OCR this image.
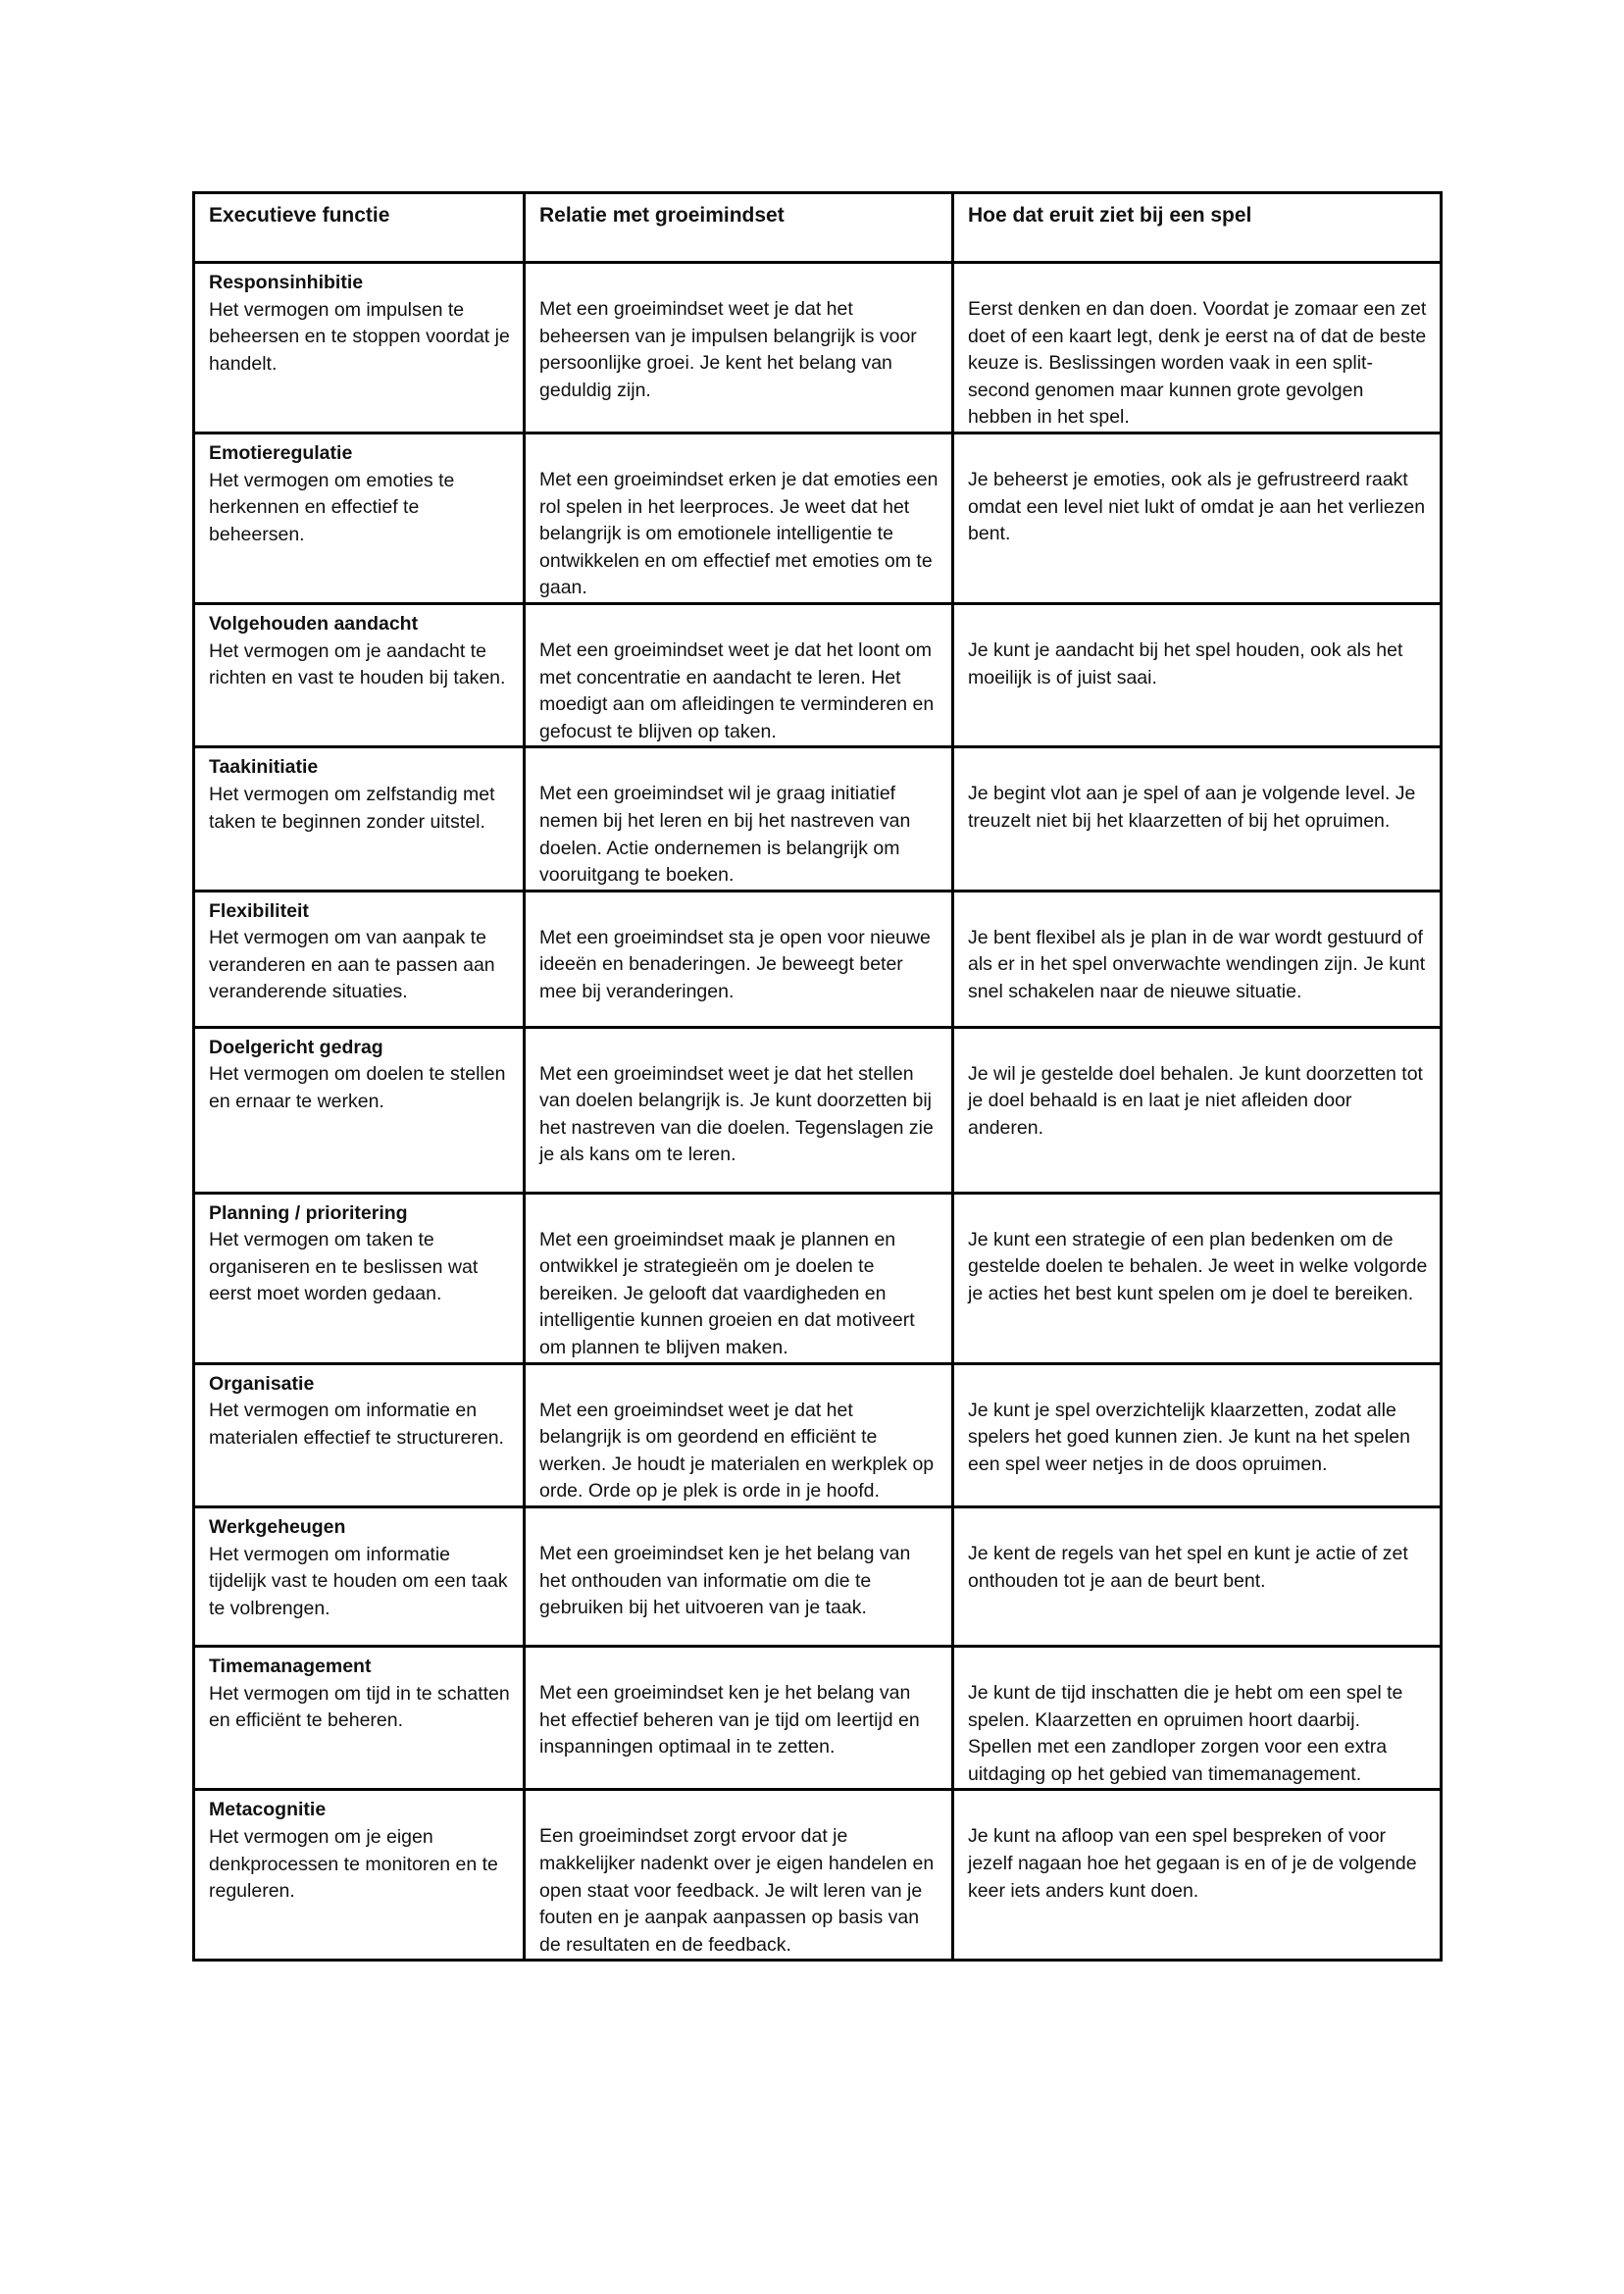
Executieve functie	Relatie met groeimindset	Hoe dat eruit ziet bij een spel

Responsinhibitie
Het vermogen om impulsen te beheersen en te stoppen voordat je handelt.	Met een groeimindset weet je dat het beheersen van je impulsen belangrijk is voor persoonlijke groei. Je kent het belang van geduldig zijn.	Eerst denken en dan doen. Voordat je zomaar een zet doet of een kaart legt, denk je eerst na of dat de beste keuze is. Beslissingen worden vaak in een split-second genomen maar kunnen grote gevolgen hebben in het spel.

Emotieregulatie
Het vermogen om emoties te herkennen en effectief te beheersen.	Met een groeimindset erken je dat emoties een rol spelen in het leerproces. Je weet dat het belangrijk is om emotionele intelligentie te ontwikkelen en om effectief met emoties om te gaan.	Je beheerst je emoties, ook als je gefrustreerd raakt omdat een level niet lukt of omdat je aan het verliezen bent.

Volgehouden aandacht
Het vermogen om je aandacht te richten en vast te houden bij taken.	Met een groeimindset weet je dat het loont om met concentratie en aandacht te leren. Het moedigt aan om afleidingen te verminderen en gefocust te blijven op taken.	Je kunt je aandacht bij het spel houden, ook als het moeilijk is of juist saai.

Taakinitiatie
Het vermogen om zelfstandig met taken te beginnen zonder uitstel.	Met een groeimindset wil je graag initiatief nemen bij het leren en bij het nastreven van doelen. Actie ondernemen is belangrijk om vooruitgang te boeken.	Je begint vlot aan je spel of aan je volgende level. Je treuzelt niet bij het klaarzetten of bij het opruimen.

Flexibiliteit
Het vermogen om van aanpak te veranderen en aan te passen aan veranderende situaties.	Met een groeimindset sta je open voor nieuwe ideeën en benaderingen. Je beweegt beter mee bij veranderingen.	Je bent flexibel als je plan in de war wordt gestuurd of als er in het spel onverwachte wendingen zijn. Je kunt snel schakelen naar de nieuwe situatie.

Doelgericht gedrag
Het vermogen om doelen te stellen en ernaar te werken.	Met een groeimindset weet je dat het stellen van doelen belangrijk is. Je kunt doorzetten bij het nastreven van die doelen. Tegenslagen zie je als kans om te leren.	Je wil je gestelde doel behalen. Je kunt doorzetten tot je doel behaald is en laat je niet afleiden door anderen.

Planning / prioritering
Het vermogen om taken te organiseren en te beslissen wat eerst moet worden gedaan.	Met een groeimindset maak je plannen en ontwikkel je strategieën om je doelen te bereiken. Je gelooft dat vaardigheden en intelligentie kunnen groeien en dat motiveert om plannen te blijven maken.	Je kunt een strategie of een plan bedenken om de gestelde doelen te behalen. Je weet in welke volgorde je acties het best kunt spelen om je doel te bereiken.

Organisatie
Het vermogen om informatie en materialen effectief te structureren.	Met een groeimindset weet je dat het belangrijk is om geordend en efficiënt te werken. Je houdt je materialen en werkplek op orde. Orde op je plek is orde in je hoofd.	Je kunt je spel overzichtelijk klaarzetten, zodat alle spelers het goed kunnen zien. Je kunt na het spelen een spel weer netjes in de doos opruimen.

Werkgeheugen
Het vermogen om informatie tijdelijk vast te houden om een taak te volbrengen.	Met een groeimindset ken je het belang van het onthouden van informatie om die te gebruiken bij het uitvoeren van je taak.	Je kent de regels van het spel en kunt je actie of zet onthouden tot je aan de beurt bent.

Timemanagement
Het vermogen om tijd in te schatten en efficiënt te beheren.	Met een groeimindset ken je het belang van het effectief beheren van je tijd om leertijd en inspanningen optimaal in te zetten.	Je kunt de tijd inschatten die je hebt om een spel te spelen. Klaarzetten en opruimen hoort daarbij. Spellen met een zandloper zorgen voor een extra uitdaging op het gebied van timemanagement.

Metacognitie
Het vermogen om je eigen denkprocessen te monitoren en te reguleren.	Een groeimindset zorgt ervoor dat je makkelijker nadenkt over je eigen handelen en open staat voor feedback. Je wilt leren van je fouten en je aanpak aanpassen op basis van de resultaten en de feedback.	Je kunt na afloop van een spel bespreken of voor jezelf nagaan hoe het gegaan is en of je de volgende keer iets anders kunt doen.
